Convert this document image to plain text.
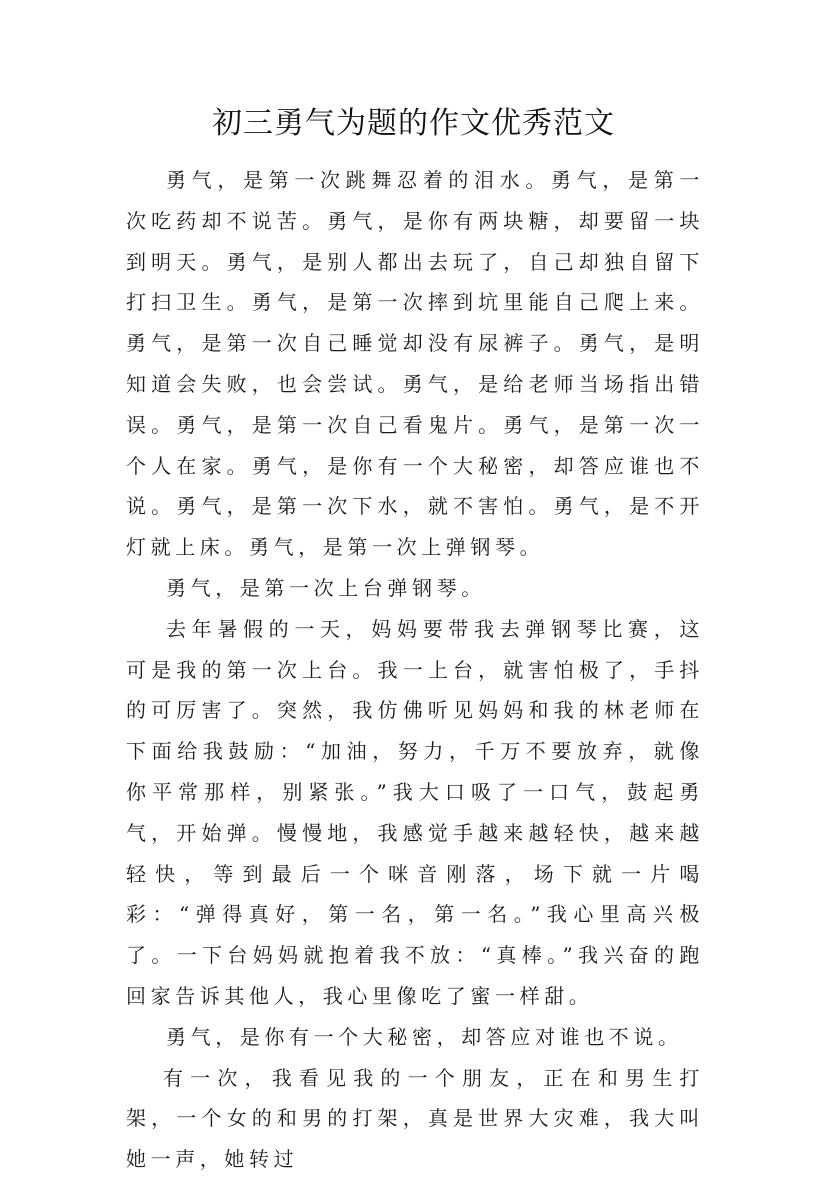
初三勇气为题的作文优秀范文

勇气，是第一次跳舞忍着的泪水。勇气，是第一次吃药却不说苦。勇气，是你有两块糖，却要留一块到明天。勇气，是别人都出去玩了，自己却独自留下打扫卫生。勇气，是第一次摔到坑里能自己爬上来。勇气，是第一次自己睡觉却没有尿裤子。勇气，是明知道会失败，也会尝试。勇气，是给老师当场指出错误。勇气，是第一次自己看鬼片。勇气，是第一次一个人在家。勇气，是你有一个大秘密，却答应谁也不说。勇气，是第一次下水，就不害怕。勇气，是不开灯就上床。勇气，是第一次上弹钢琴。

勇气，是第一次上台弹钢琴。

去年暑假的一天，妈妈要带我去弹钢琴比赛，这可是我的第一次上台。我一上台，就害怕极了，手抖的可厉害了。突然，我仿佛听见妈妈和我的林老师在下面给我鼓励：“加油，努力，千万不要放弃，就像你平常那样，别紧张。”我大口吸了一口气，鼓起勇气，开始弹。慢慢地，我感觉手越来越轻快，越来越轻快，等到最后一个咪音刚落，场下就一片喝彩：“弹得真好，第一名，第一名。”我心里高兴极了。一下台妈妈就抱着我不放：“真棒。”我兴奋的跑回家告诉其他人，我心里像吃了蜜一样甜。

勇气，是你有一个大秘密，却答应对谁也不说。

有一次，我看见我的一个朋友，正在和男生打架，一个女的和男的打架，真是世界大灾难，我大叫她一声，她转过
